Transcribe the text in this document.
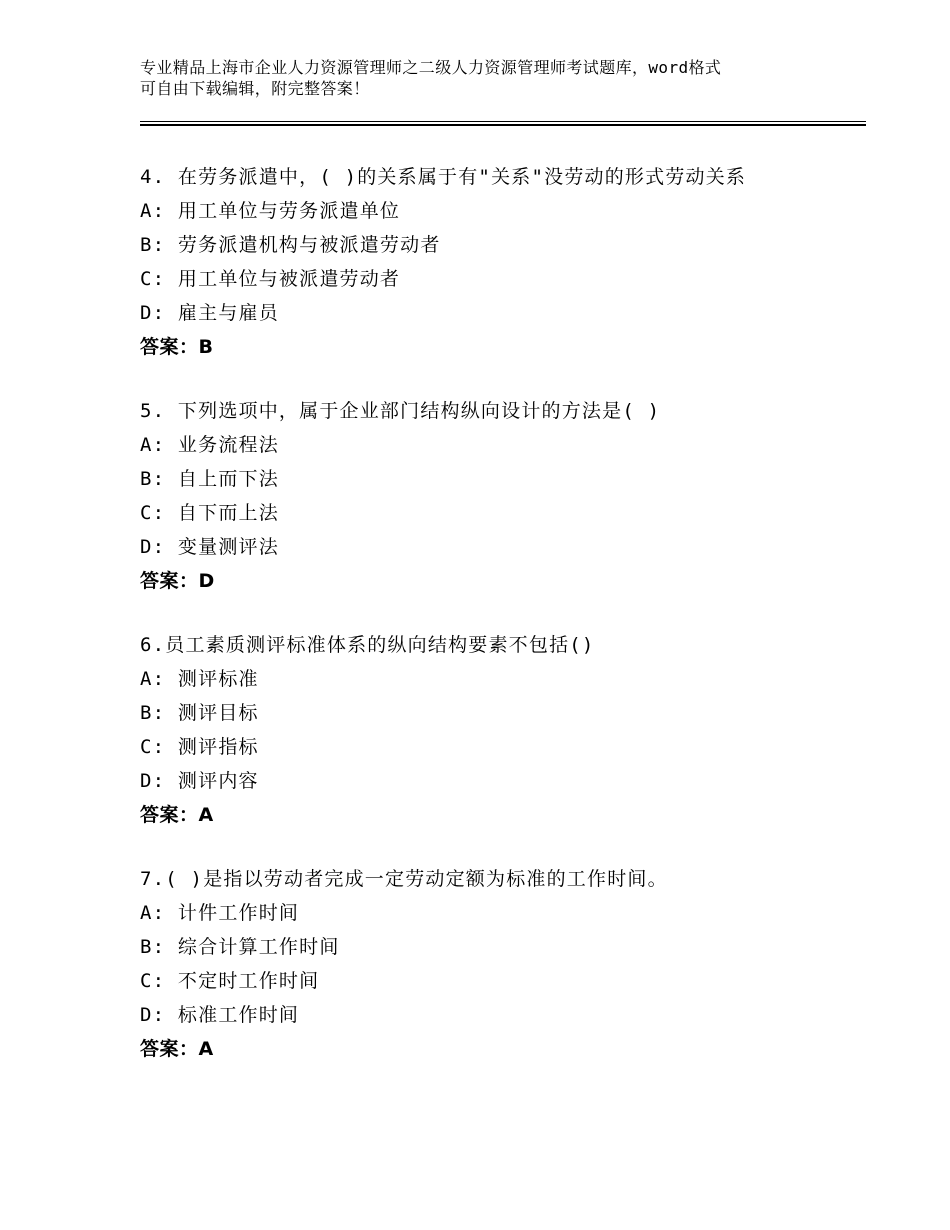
专业精品上海市企业人力资源管理师之二级人力资源管理师考试题库，word格式
可自由下载编辑，附完整答案！
4. 在劳务派遣中，( )的关系属于有"关系"没劳动的形式劳动关系
A: 用工单位与劳务派遣单位
B: 劳务派遣机构与被派遣劳动者
C: 用工单位与被派遣劳动者
D: 雇主与雇员
答案：B
5. 下列选项中，属于企业部门结构纵向设计的方法是( )
A: 业务流程法
B: 自上而下法
C: 自下而上法
D: 变量测评法
答案：D
6.员工素质测评标准体系的纵向结构要素不包括()
A: 测评标准
B: 测评目标
C: 测评指标
D: 测评内容
答案：A
7.( )是指以劳动者完成一定劳动定额为标准的工作时间。
A: 计件工作时间
B: 综合计算工作时间
C: 不定时工作时间
D: 标准工作时间
答案：A
